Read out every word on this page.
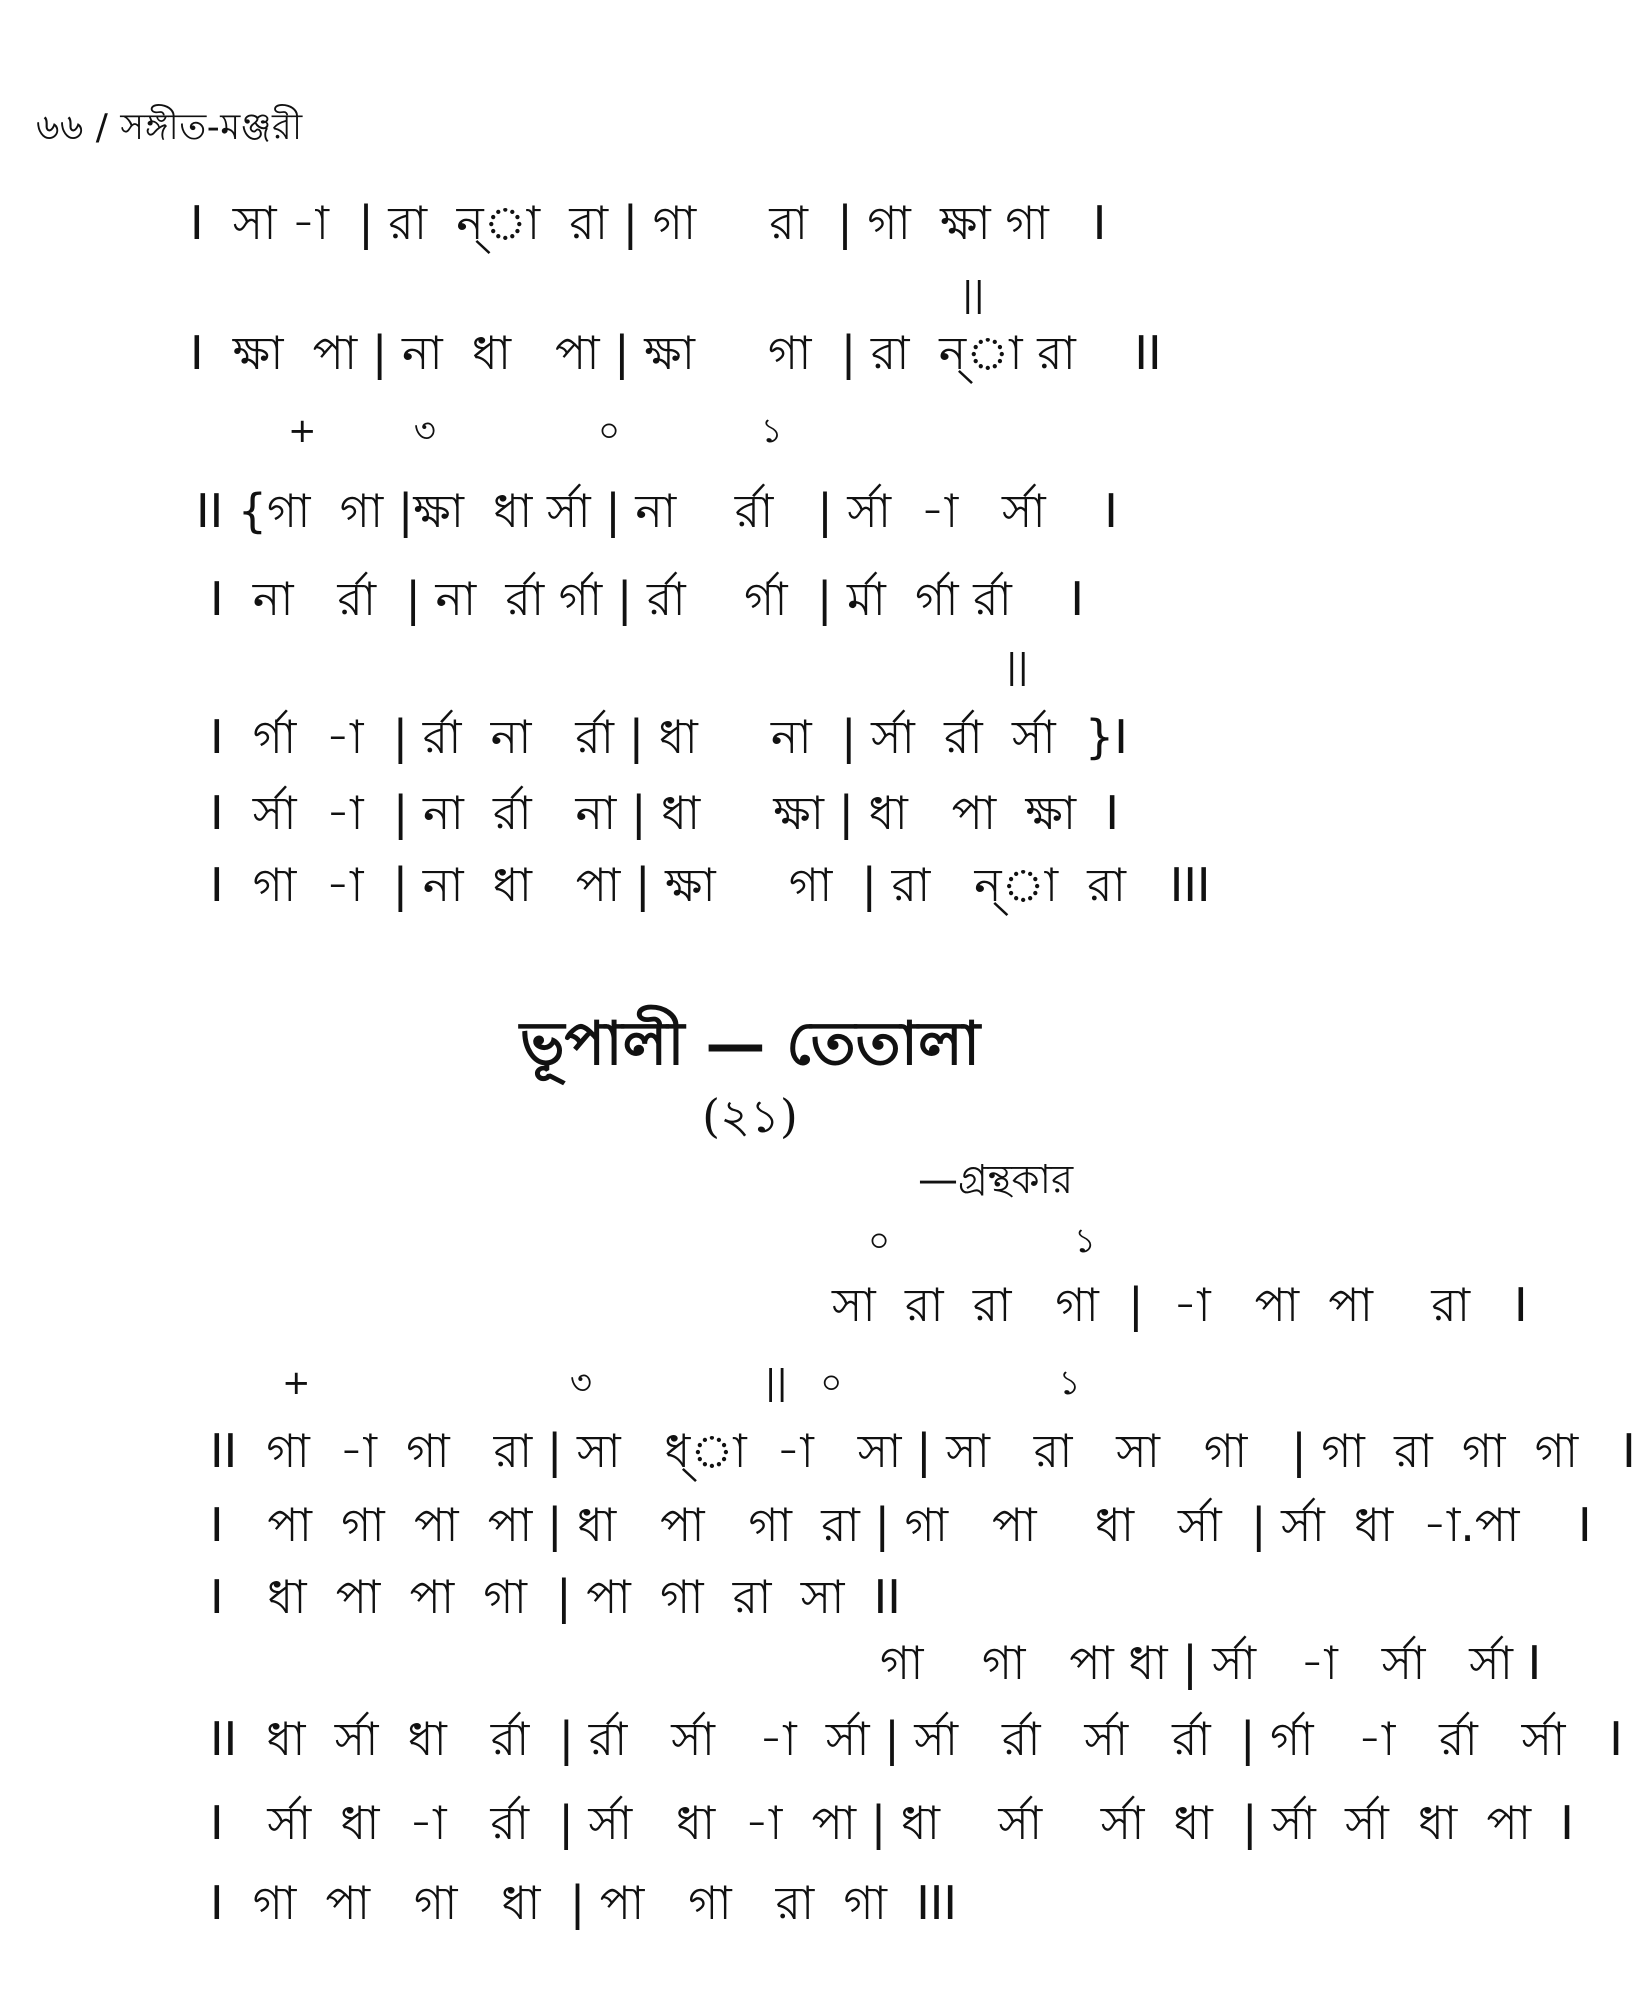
৬৬ / সঙ্গীত-মঞ্জরী
I  সা -া  | রা  ন্‌া  রা | গা     রা  | গা  ক্ষা গা   I
||
I  ক্ষা  পা | না  ধা   পা | ক্ষা     গা  | রা  ন্‌া রা    II
+         ৩               ০             ১
II {গা  গা |ক্ষা  ধা র্সা | না    র্রা   | র্সা  -া   র্সা    I
I  না   র্রা  | না  র্রা র্গা | র্রা    র্গা  | র্মা  র্গা র্রা    I
||
I  র্গা  -া  | র্রা  না   র্রা | ধা     না  | র্সা  র্রা  র্সা  }I
I  র্সা  -া  | না  র্রা   না | ধা     ক্ষা | ধা   পা  ক্ষা  I
I  গা  -া  | না  ধা   পা | ক্ষা     গা  | রা   ন্‌া  রা   III
ভূপালী — তেতালা
(২১)
—গ্রন্থকার
০                 ১
সা  রা  রা   গা  |  -া   পা  পা    রা   I
+                        ৩                ||   ০                    ১
II  গা  -া  গা   রা | সা   ধ্‌া  -া   সা | সা   রা   সা   গা   | গা  রা  গা  গা   I
I   পা  গা  পা  পা | ধা   পা   গা  রা | গা   পা    ধা   র্সা  | র্সা  ধা  -া.পা    I
I   ধা  পা  পা  গা  | পা  গা  রা  সা  II
গা    গা   পা ধা | র্সা   -া   র্সা   র্সা I
II  ধা  র্সা  ধা   র্রা  | র্রা   র্সা   -া  র্সা | র্সা   র্রা   র্সা   র্রা  | র্গা   -া   র্রা   র্সা   I
I   র্সা  ধা  -া   র্রা  | র্সা   ধা  -া  পা | ধা    র্সা    র্সা  ধা  | র্সা  র্সা  ধা  পা  I
I  গা  পা   গা   ধা  | পা   গা   রা  গা  III
